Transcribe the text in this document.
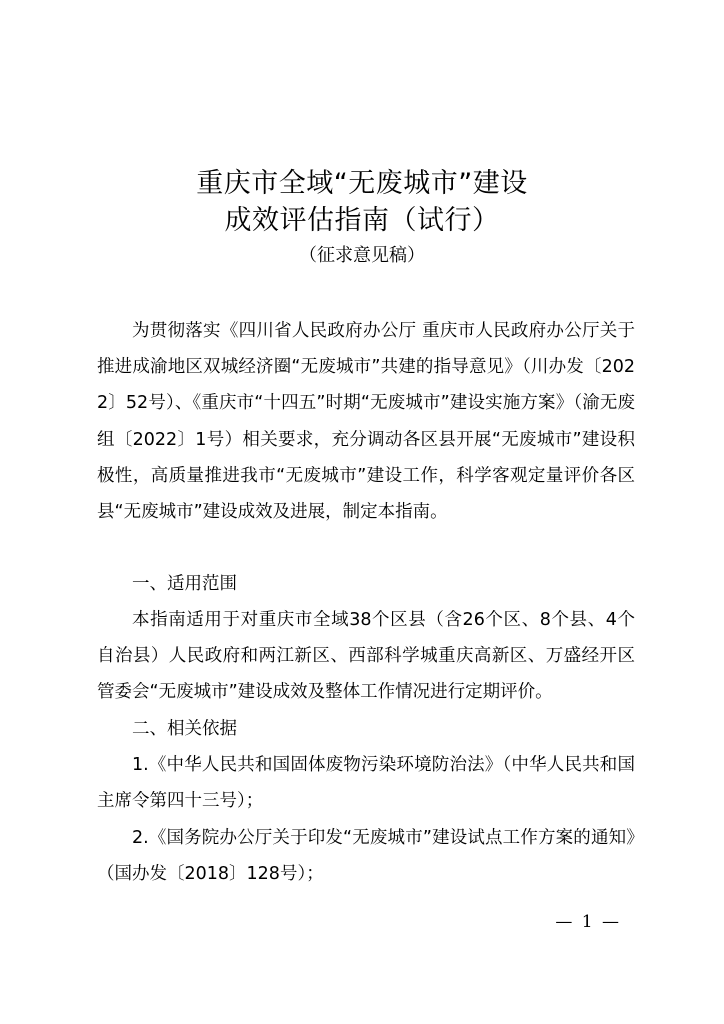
重庆市全域“无废城市”建设
成效评估指南（试行）
（征求意见稿）

为贯彻落实《四川省人民政府办公厅 重庆市人民政府办公厅关于推进成渝地区双城经济圈“无废城市”共建的指导意见》（川办发〔2022〕52号）、《重庆市“十四五”时期“无废城市”建设实施方案》（渝无废组〔2022〕1号）相关要求，充分调动各区县开展“无废城市”建设积极性，高质量推进我市“无废城市”建设工作，科学客观定量评价各区县“无废城市”建设成效及进展，制定本指南。

一、适用范围

本指南适用于对重庆市全域38个区县（含26个区、8个县、4个自治县）人民政府和两江新区、西部科学城重庆高新区、万盛经开区管委会“无废城市”建设成效及整体工作情况进行定期评价。

二、相关依据

1.《中华人民共和国固体废物污染环境防治法》（中华人民共和国主席令第四十三号）；

2.《国务院办公厅关于印发“无废城市”建设试点工作方案的通知》（国办发〔2018〕128号）；

— 1 —
